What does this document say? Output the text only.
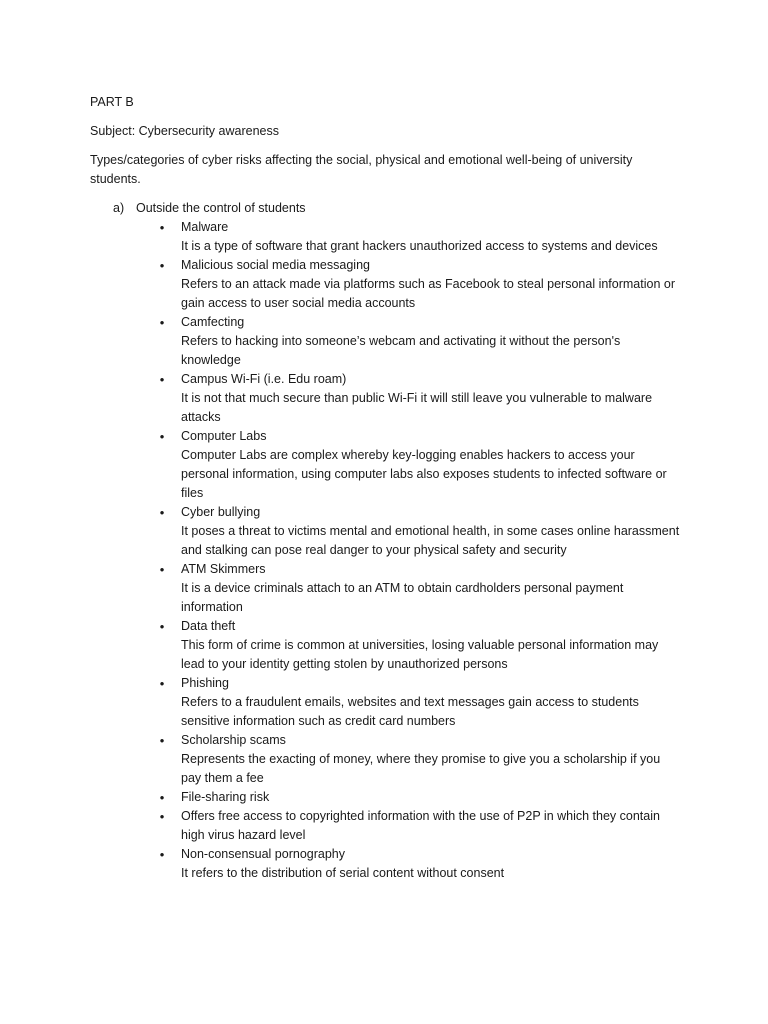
PART B
Subject: Cybersecurity awareness
Types/categories of cyber risks affecting the social, physical and emotional well-being of university students.
a) Outside the control of students
• Malware
It is a type of software that grant hackers unauthorized access to systems and devices
• Malicious social media messaging
Refers to an attack made via platforms such as Facebook to steal personal information or gain access to user social media accounts
• Camfecting
Refers to hacking into someone’s webcam and activating it without the person's knowledge
• Campus Wi-Fi (i.e. Edu roam)
It is not that much secure than public Wi-Fi it will still leave you vulnerable to malware attacks
• Computer Labs
Computer Labs are complex whereby key-logging enables hackers to access your personal information, using computer labs also exposes students to infected software or files
• Cyber bullying
It poses a threat to victims mental and emotional health, in some cases online harassment and stalking can pose real danger to your physical safety and security
• ATM Skimmers
It is a device criminals attach to an ATM to obtain cardholders personal payment information
• Data theft
This form of crime is common at universities, losing valuable personal information may lead to your identity getting stolen by unauthorized persons
• Phishing
Refers to a fraudulent emails, websites and text messages gain access to students sensitive information such as credit card numbers
• Scholarship scams
Represents the exacting of money, where they promise to give you a scholarship if you pay them a fee
• File-sharing risk
• Offers free access to copyrighted information with the use of P2P in which they contain high virus hazard level
• Non-consensual pornography
It refers to the distribution of serial content without consent
